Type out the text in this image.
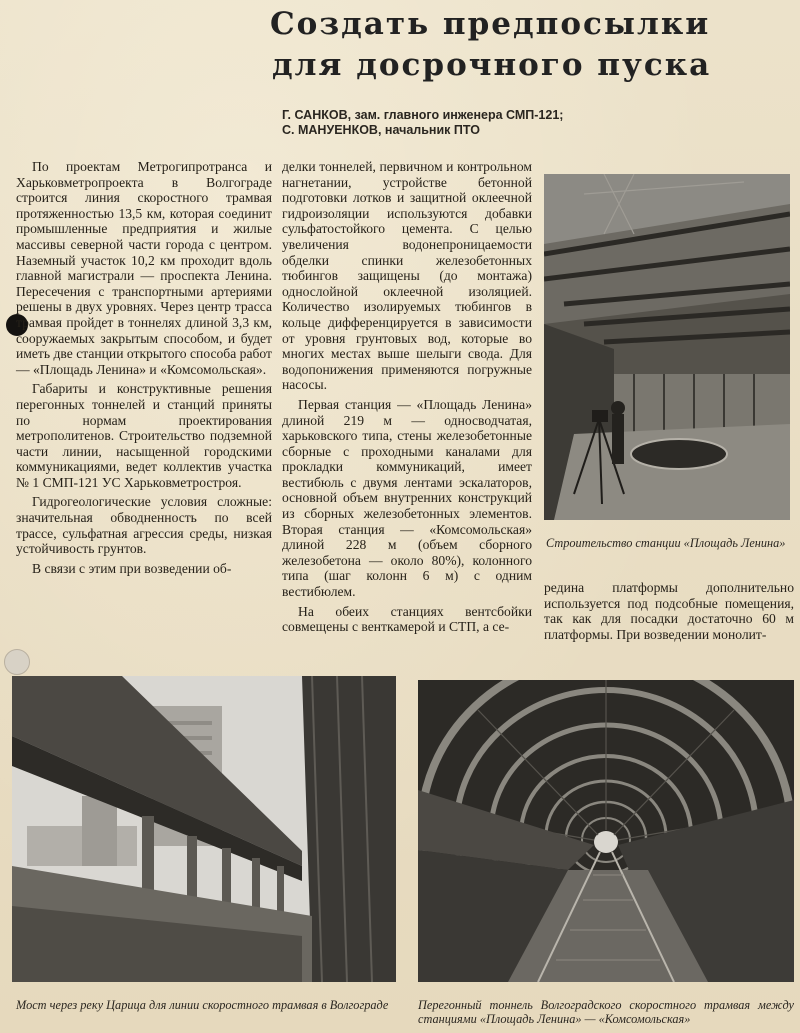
Создать предпосылки
для досрочного пуска
Г. САНКОВ, зам. главного инженера СМП-121;
С. МАНУЕНКОВ, начальник ПТО

По проектам Метрогипротранса и Харьковметропроекта в Волгограде строится линия скоростного трамвая протяженностью 13,5 км, которая соединит промышленные предприятия и жилые массивы северной части города с центром. Наземный участок 10,2 км проходит вдоль главной магистрали — проспекта Ленина. Пересечения с транспортными артериями решены в двух уровнях. Через центр трасса трамвая пройдет в тоннелях длиной 3,3 км, сооружаемых закрытым способом, и будет иметь две станции открытого способа работ — «Площадь Ленина» и «Комсомольская».

Габариты и конструктивные решения перегонных тоннелей и станций приняты по нормам проектирования метрополитенов. Строительство подземной части линии, насыщенной городскими коммуникациями, ведет коллектив участка № 1 СМП-121 УС Харьковметростроя.

Гидрогеологические условия сложные: значительная обводненность по всей трассе, сульфатная агрессия среды, низкая устойчивость грунтов.

В связи с этим при возведении об-

делки тоннелей, первичном и контрольном нагнетании, устройстве бетонной подготовки лотков и защитной оклеечной гидроизоляции используются добавки сульфатостойкого цемента. С целью увеличения водонепроницаемости обделки спинки железобетонных тюбингов защищены (до монтажа) однослойной оклеечной изоляцией. Количество изолируемых тюбингов в кольце дифференцируется в зависимости от уровня грунтовых вод, которые во многих местах выше шелыги свода. Для водопонижения применяются погружные насосы.

Первая станция — «Площадь Ленина» длиной 219 м — односводчатая, харьковского типа, стены железобетонные сборные с проходными каналами для прокладки коммуникаций, имеет вестибюль с двумя лентами эскалаторов, основной объем внутренних конструкций из сборных железобетонных элементов. Вторая станция — «Комсомольская» длиной 228 м (объем сборного железобетона — около 80%), колонного типа (шаг колонн 6 м) с одним вестибюлем.

На обеих станциях вентсбойки совмещены с венткамерой и СТП, а се-

редина платформы дополнительно используется под подсобные помещения, так как для посадки достаточно 60 м платформы. При возведении монолит-

Строительство станции «Площадь Ленина»
Мост через реку Царица для линии скоростного трамвая в Волгограде	Перегонный тоннель Волгоградского скоростного трамвая между станциями «Площадь Ленина» — «Комсомольская»
